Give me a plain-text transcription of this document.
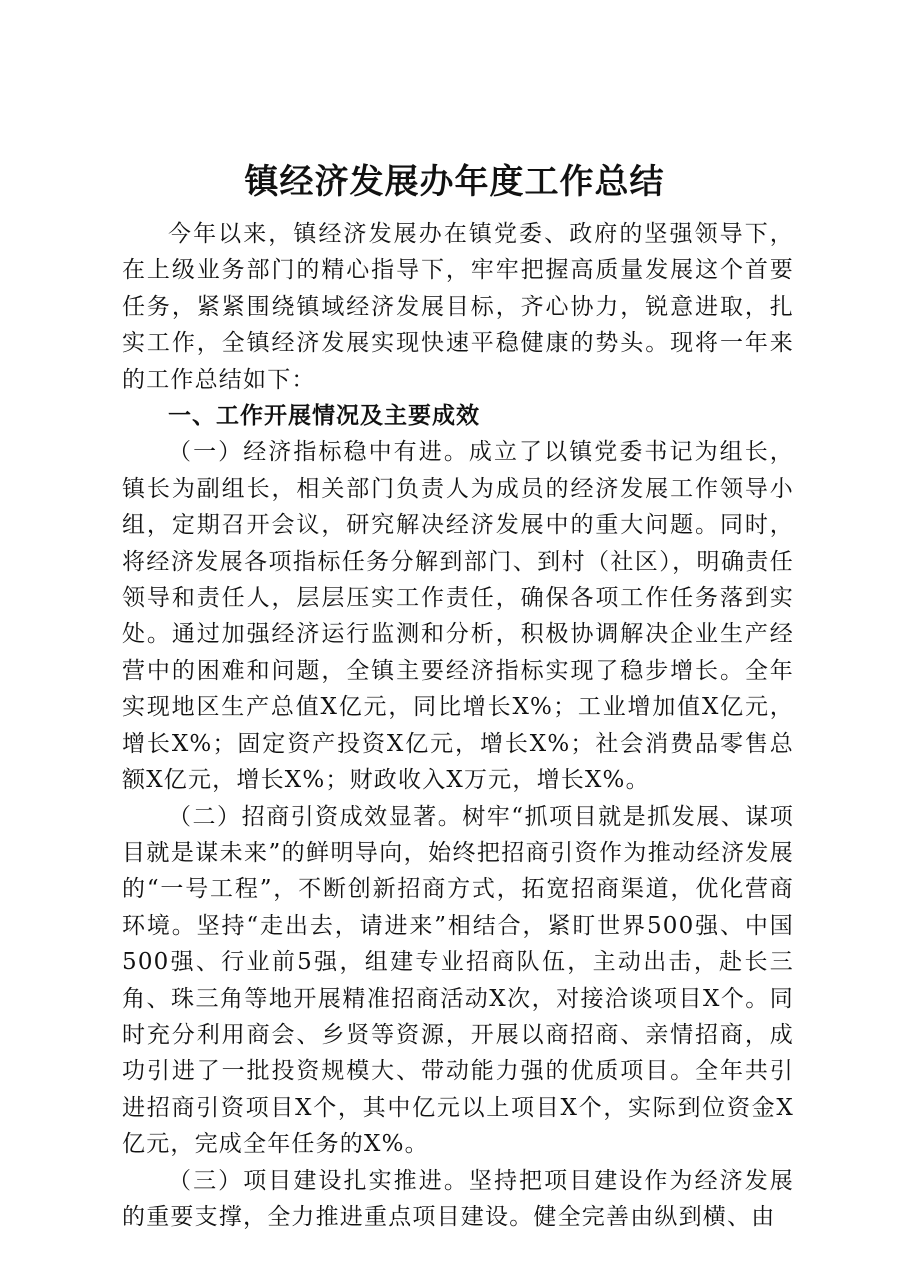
镇经济发展办年度工作总结

今年以来，镇经济发展办在镇党委、政府的坚强领导下，在上级业务部门的精心指导下，牢牢把握高质量发展这个首要任务，紧紧围绕镇域经济发展目标，齐心协力，锐意进取，扎实工作，全镇经济发展实现快速平稳健康的势头。现将一年来的工作总结如下：

一、工作开展情况及主要成效

（一）经济指标稳中有进。成立了以镇党委书记为组长，镇长为副组长，相关部门负责人为成员的经济发展工作领导小组，定期召开会议，研究解决经济发展中的重大问题。同时，将经济发展各项指标任务分解到部门、到村（社区），明确责任领导和责任人，层层压实工作责任，确保各项工作任务落到实处。通过加强经济运行监测和分析，积极协调解决企业生产经营中的困难和问题，全镇主要经济指标实现了稳步增长。全年实现地区生产总值X亿元，同比增长X%；工业增加值X亿元，增长X%；固定资产投资X亿元，增长X%；社会消费品零售总额X亿元，增长X%；财政收入X万元，增长X%。

（二）招商引资成效显著。树牢“抓项目就是抓发展、谋项目就是谋未来”的鲜明导向，始终把招商引资作为推动经济发展的“一号工程”，不断创新招商方式，拓宽招商渠道，优化营商环境。坚持“走出去，请进来”相结合，紧盯世界500强、中国500强、行业前5强，组建专业招商队伍，主动出击，赴长三角、珠三角等地开展精准招商活动X次，对接洽谈项目X个。同时充分利用商会、乡贤等资源，开展以商招商、亲情招商，成功引进了一批投资规模大、带动能力强的优质项目。全年共引进招商引资项目X个，其中亿元以上项目X个，实际到位资金X亿元，完成全年任务的X%。

（三）项目建设扎实推进。坚持把项目建设作为经济发展的重要支撑，全力推进重点项目建设。健全完善由纵到横、由
